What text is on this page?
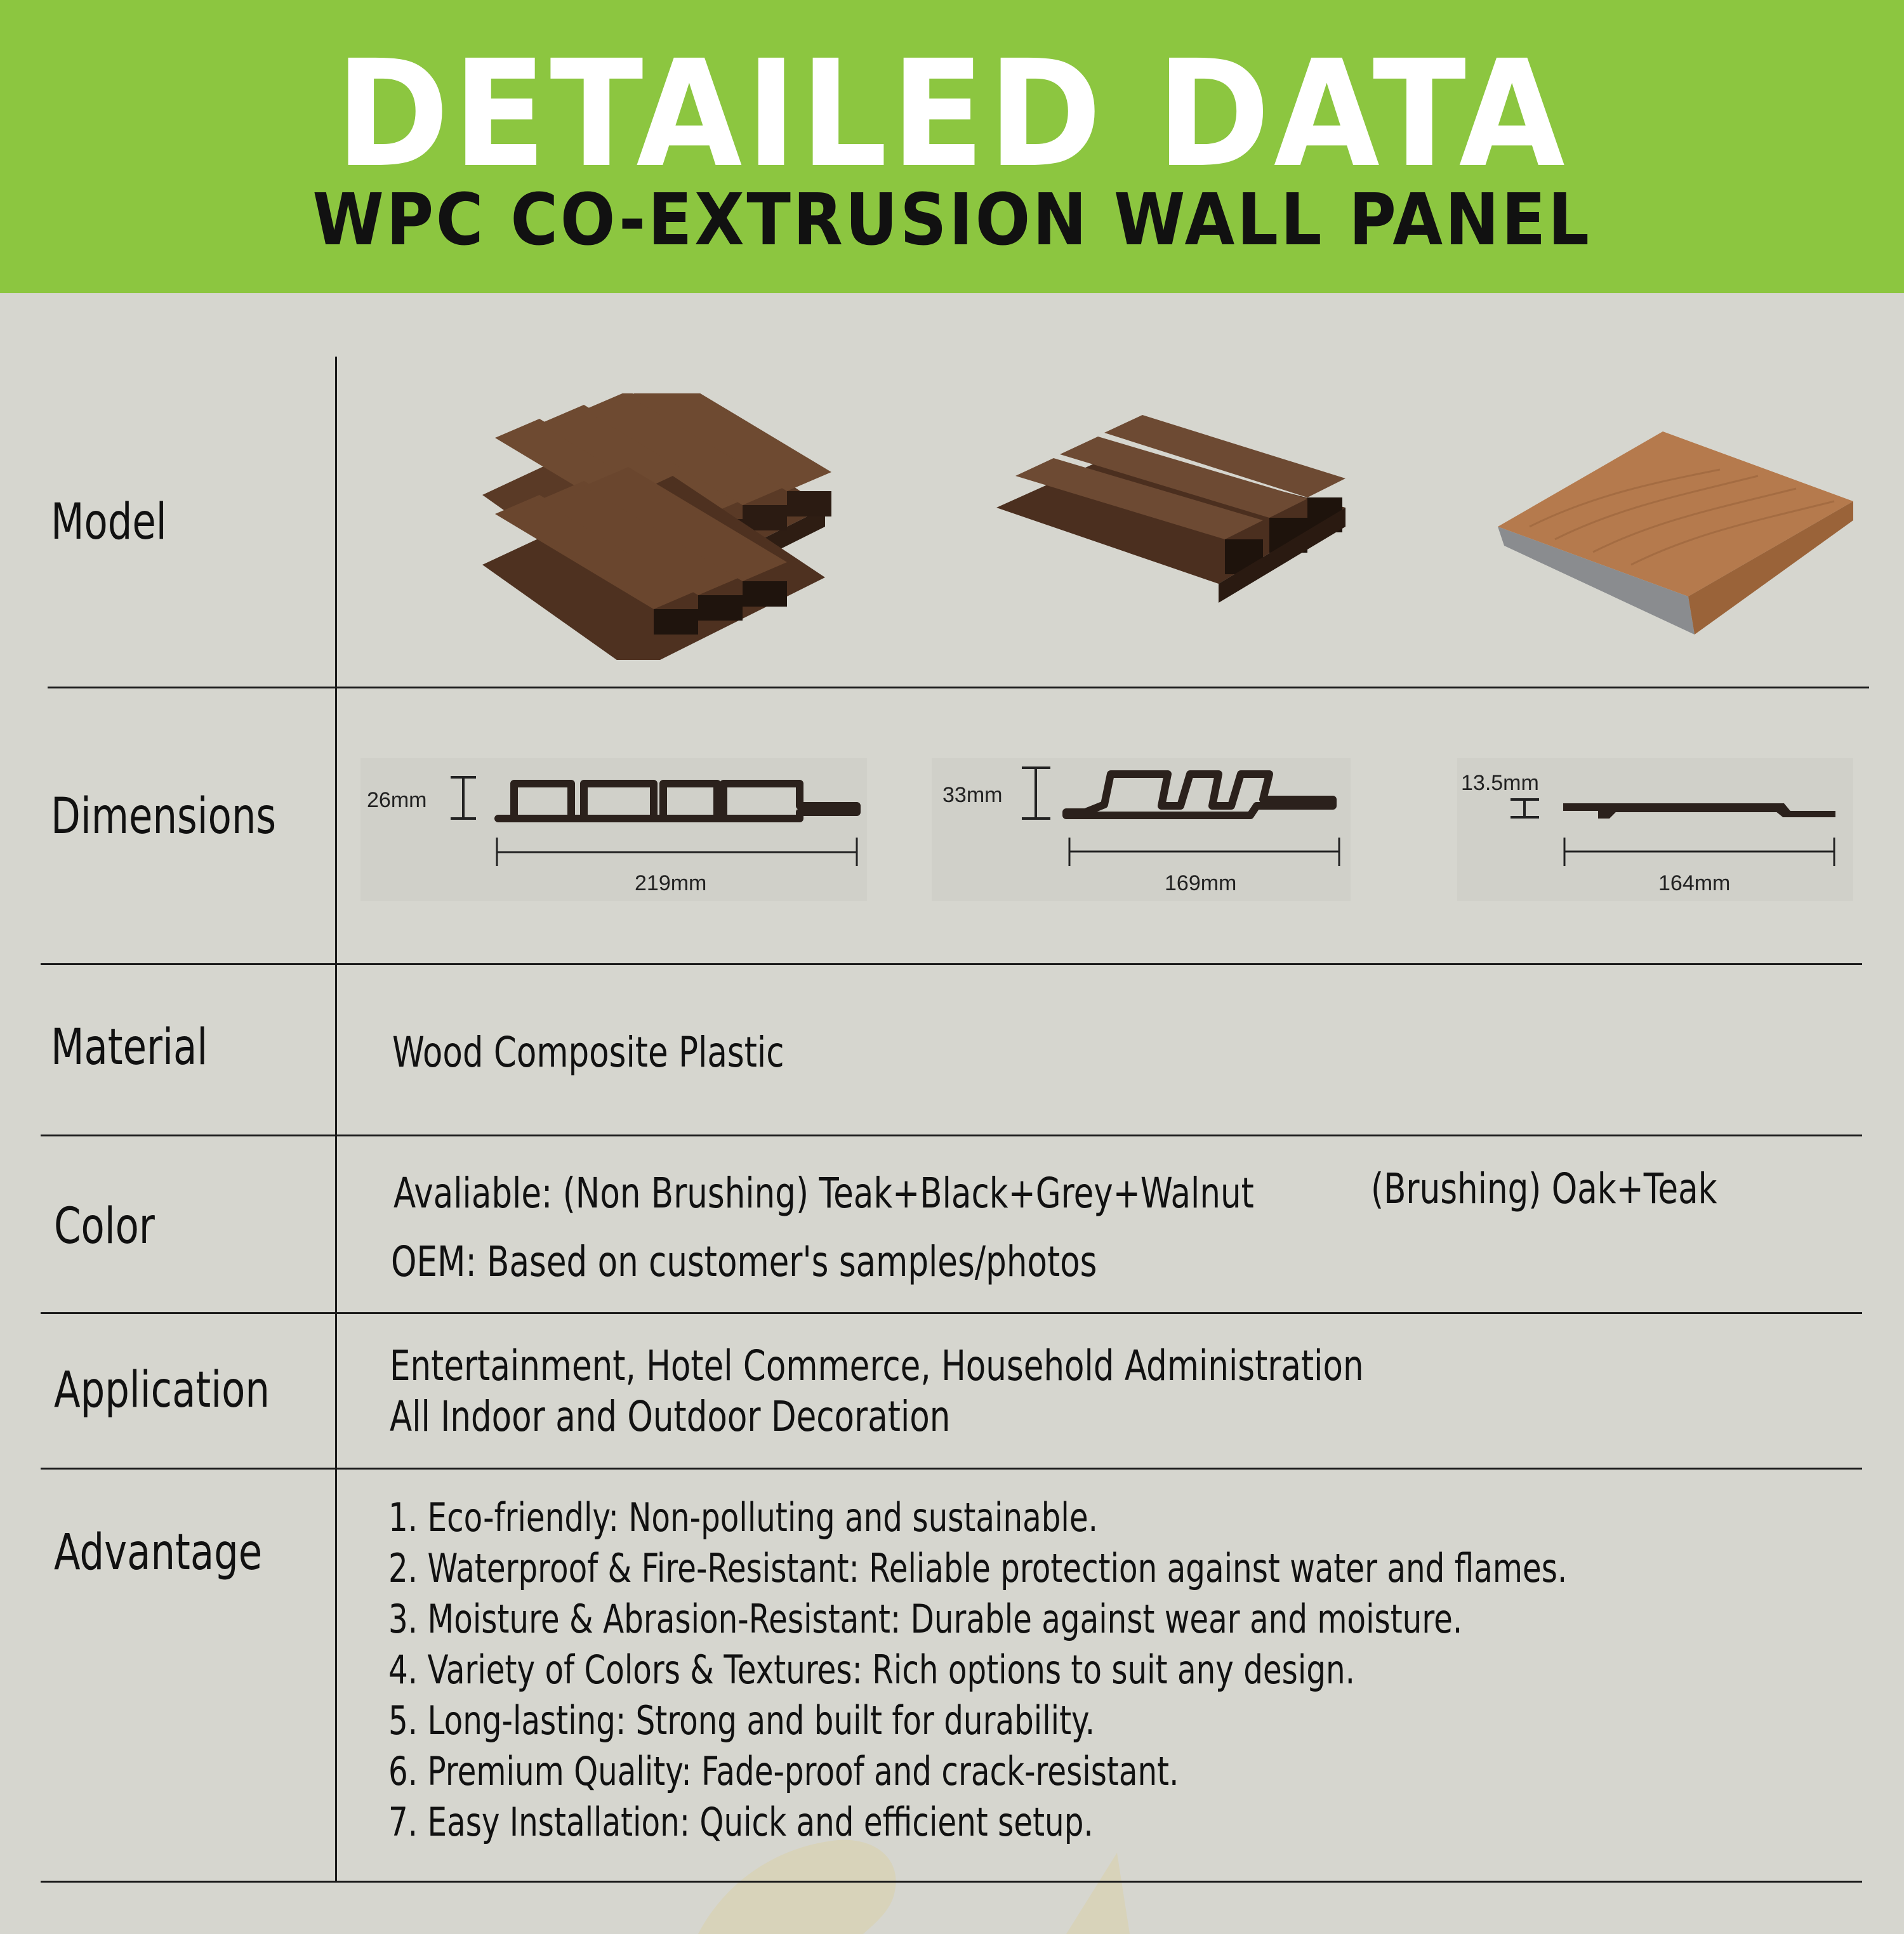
DETAILED DATA
WPC CO-EXTRUSION WALL PANEL
Model
Dimensions
Material
Color
Application
Advantage
26mm
219mm
33mm
169mm
13.5mm
164mm
Wood Composite Plastic
Avaliable: (Non Brushing) Teak+Black+Grey+Walnut	(Brushing) Oak+Teak
OEM: Based on customer's samples/photos
Entertainment, Hotel Commerce, Household Administration
All Indoor and Outdoor Decoration
1. Eco-friendly: Non-polluting and sustainable.
2. Waterproof & Fire-Resistant: Reliable protection against water and flames.
3. Moisture & Abrasion-Resistant: Durable against wear and moisture.
4. Variety of Colors & Textures: Rich options to suit any design.
5. Long-lasting: Strong and built for durability.
6. Premium Quality: Fade-proof and crack-resistant.
7. Easy Installation: Quick and efficient setup.
